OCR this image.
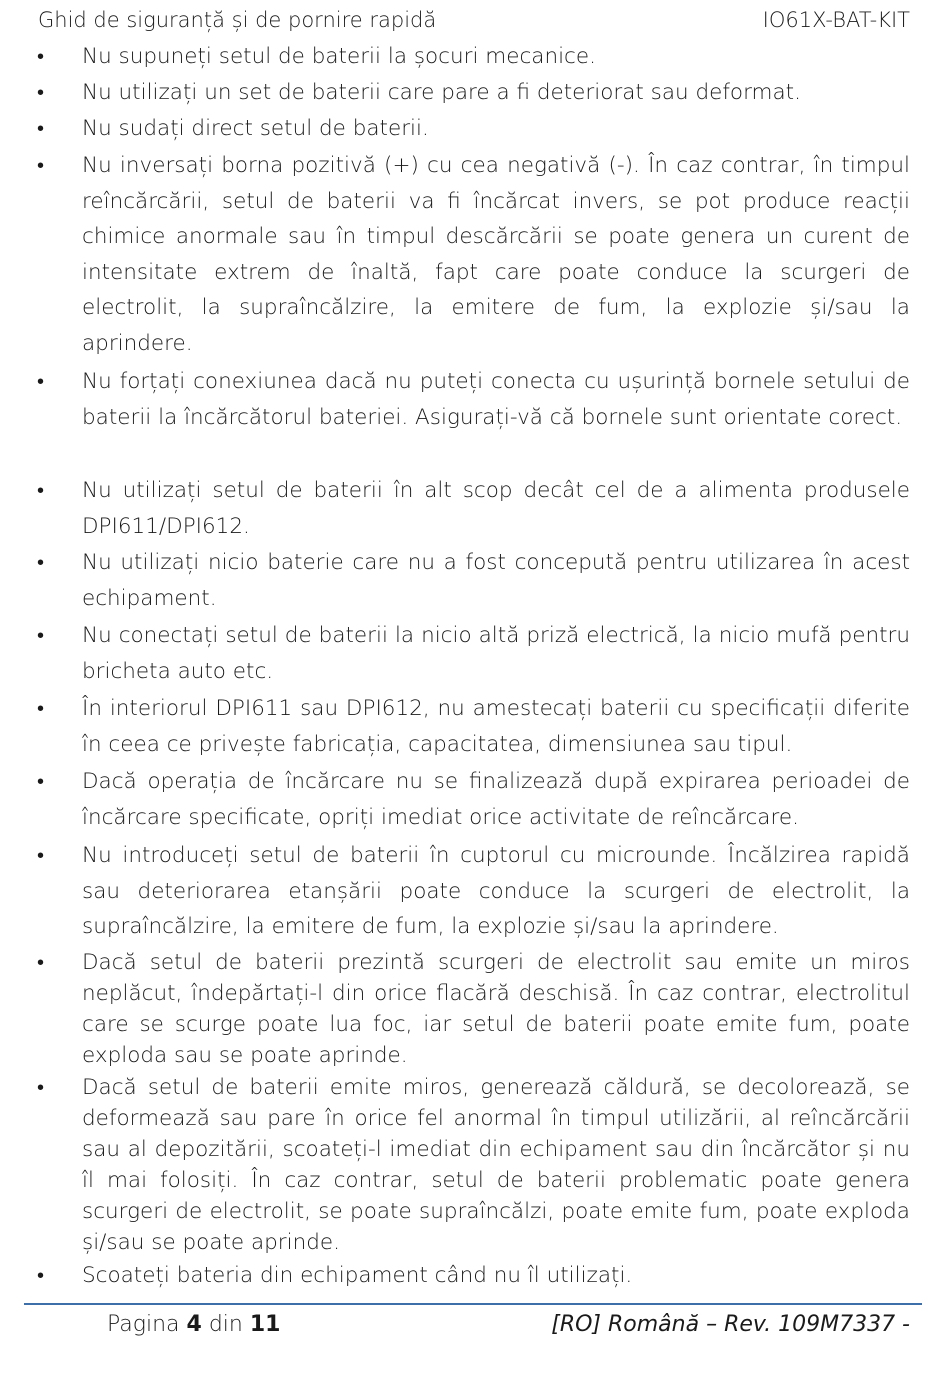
Ghid de siguranță și de pornire rapidă	IO61X-BAT-KIT
• Nu supuneți setul de baterii la șocuri mecanice.
• Nu utilizați un set de baterii care pare a fi deteriorat sau deformat.
• Nu sudați direct setul de baterii.
• Nu inversați borna pozitivă (+) cu cea negativă (-). În caz contrar, în timpul reîncărcării, setul de baterii va fi încărcat invers, se pot produce reacții chimice anormale sau în timpul descărcării se poate genera un curent de intensitate extrem de înaltă, fapt care poate conduce la scurgeri de electrolit, la supraîncălzire, la emitere de fum, la explozie și/sau la aprindere.
• Nu forțați conexiunea dacă nu puteți conecta cu ușurință bornele setului de baterii la încărcătorul bateriei. Asigurați-vă că bornele sunt orientate corect.
• Nu utilizați setul de baterii în alt scop decât cel de a alimenta produsele DPI611/DPI612.
• Nu utilizați nicio baterie care nu a fost concepută pentru utilizarea în acest echipament.
• Nu conectați setul de baterii la nicio altă priză electrică, la nicio mufă pentru bricheta auto etc.
• În interiorul DPI611 sau DPI612, nu amestecați baterii cu specificații diferite în ceea ce privește fabricația, capacitatea, dimensiunea sau tipul.
• Dacă operația de încărcare nu se finalizează după expirarea perioadei de încărcare specificate, opriți imediat orice activitate de reîncărcare.
• Nu introduceți setul de baterii în cuptorul cu microunde. Încălzirea rapidă sau deteriorarea etanșării poate conduce la scurgeri de electrolit, la supraîncălzire, la emitere de fum, la explozie și/sau la aprindere.
• Dacă setul de baterii prezintă scurgeri de electrolit sau emite un miros neplăcut, îndepărtați-l din orice flacără deschisă. În caz contrar, electrolitul care se scurge poate lua foc, iar setul de baterii poate emite fum, poate exploda sau se poate aprinde.
• Dacă setul de baterii emite miros, generează căldură, se decolorează, se deformează sau pare în orice fel anormal în timpul utilizării, al reîncărcării sau al depozitării, scoateți-l imediat din echipament sau din încărcător și nu îl mai folosiți. În caz contrar, setul de baterii problematic poate genera scurgeri de electrolit, se poate supraîncălzi, poate emite fum, poate exploda și/sau se poate aprinde.
• Scoateți bateria din echipament când nu îl utilizați.
Pagina 4 din 11	[RO] Română – Rev. 109M7337 -
